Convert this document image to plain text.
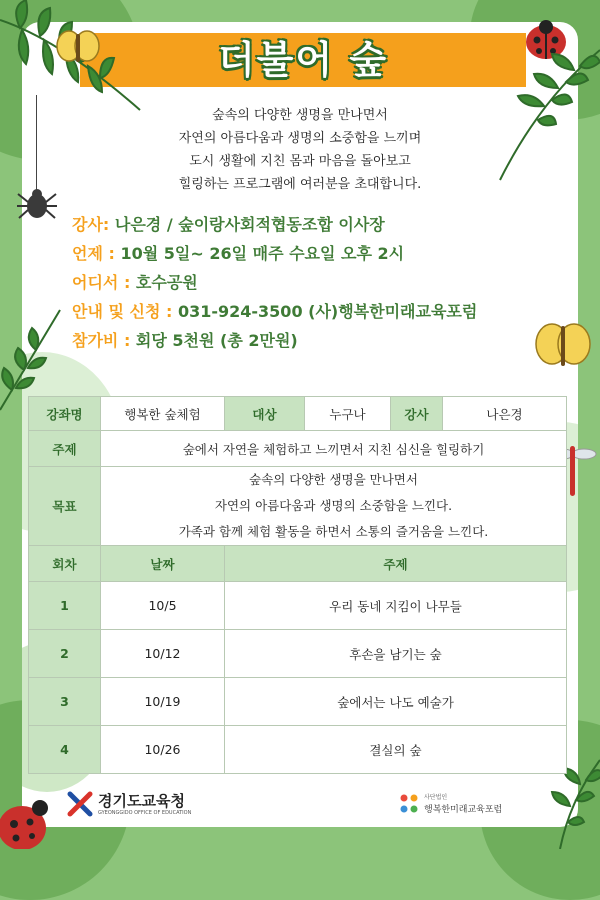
더불어 숲
숲속의 다양한 생명을 만나면서
자연의 아름다움과 생명의 소중함을 느끼며
도시 생활에 지친 몸과 마음을 돌아보고
힐링하는 프로그램에 여러분을 초대합니다.
강사: 나은경 / 숲이랑사회적협동조합 이사장
언제 : 10월 5일~ 26일 매주 수요일 오후 2시
어디서 : 호수공원
안내 및 신청 : 031-924-3500 (사)행복한미래교육포럼
참가비 : 회당 5천원 (총 2만원)
강좌명	행복한 숲체험	대상	누구나	강사	나은경
주제	숲에서 자연을 체험하고 느끼면서 지친 심신을 힐링하기				
목표	숲속의 다양한 생명을 만나면서
자연의 아름다움과 생명의 소중함을 느낀다.
가족과 함께 체험 활동을 하면서 소통의 즐거움을 느낀다.				

회차	날짜	주제			
1	10/5	우리 동네 지킴이 나무들			
2	10/12	후손을 남기는 숲			
3	10/19	숲에서는 나도 예술가			
4	10/26	결실의 숲			
경기도교육청
GYEONGGIDO OFFICE OF EDUCATION
사단법인
행복한미래교육포럼
